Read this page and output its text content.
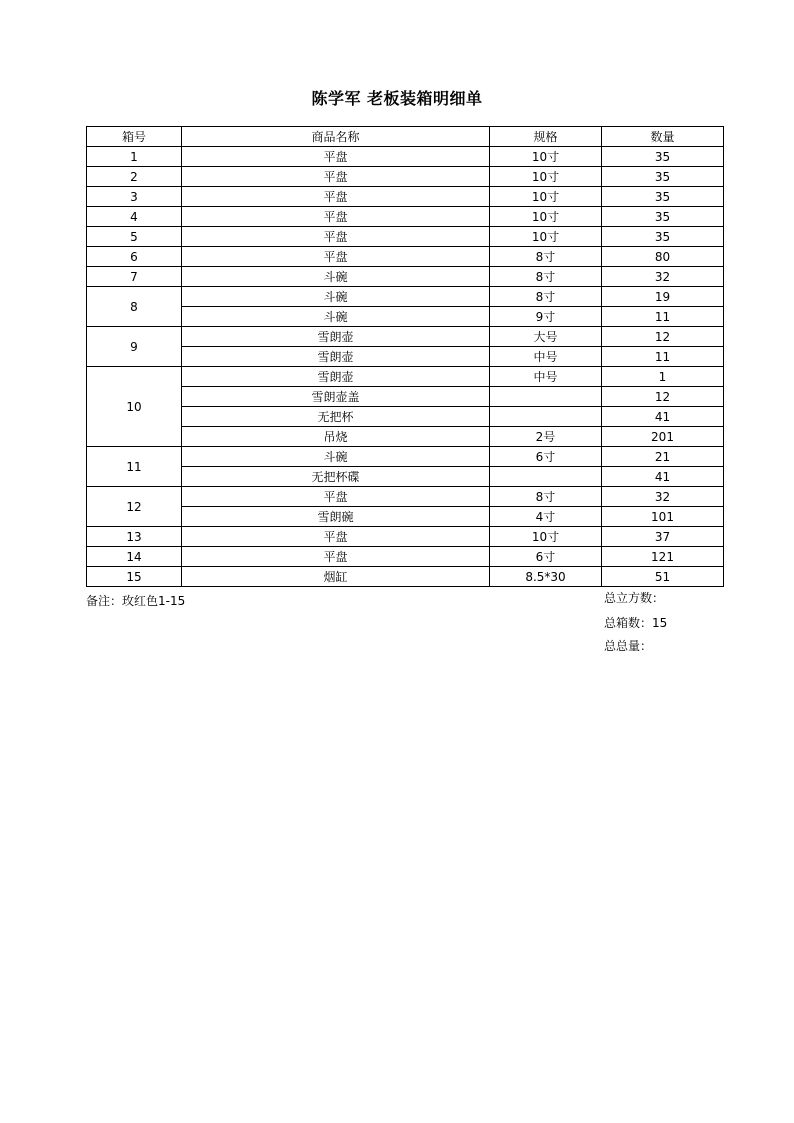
陈学军 老板装箱明细单
箱号	商品名称	规格	数量
1	平盘	10寸	35
2	平盘	10寸	35
3	平盘	10寸	35
4	平盘	10寸	35
5	平盘	10寸	35
6	平盘	8寸	80
7	斗碗	8寸	32
8	斗碗	8寸	19
	斗碗	9寸	11
9	雪朗壶	大号	12
	雪朗壶	中号	11
10	雪朗壶	中号	1
	雪朗壶盖		12
	无把杯		41
	吊烧	2号	201
11	斗碗	6寸	21
	无把杯碟		41
12	平盘	8寸	32
	雪朗碗	4寸	101
13	平盘	10寸	37
14	平盘	6寸	121
15	烟缸	8.5*30	51
备注：玫红色1-15	总立方数：
总箱数：15
总总量：
